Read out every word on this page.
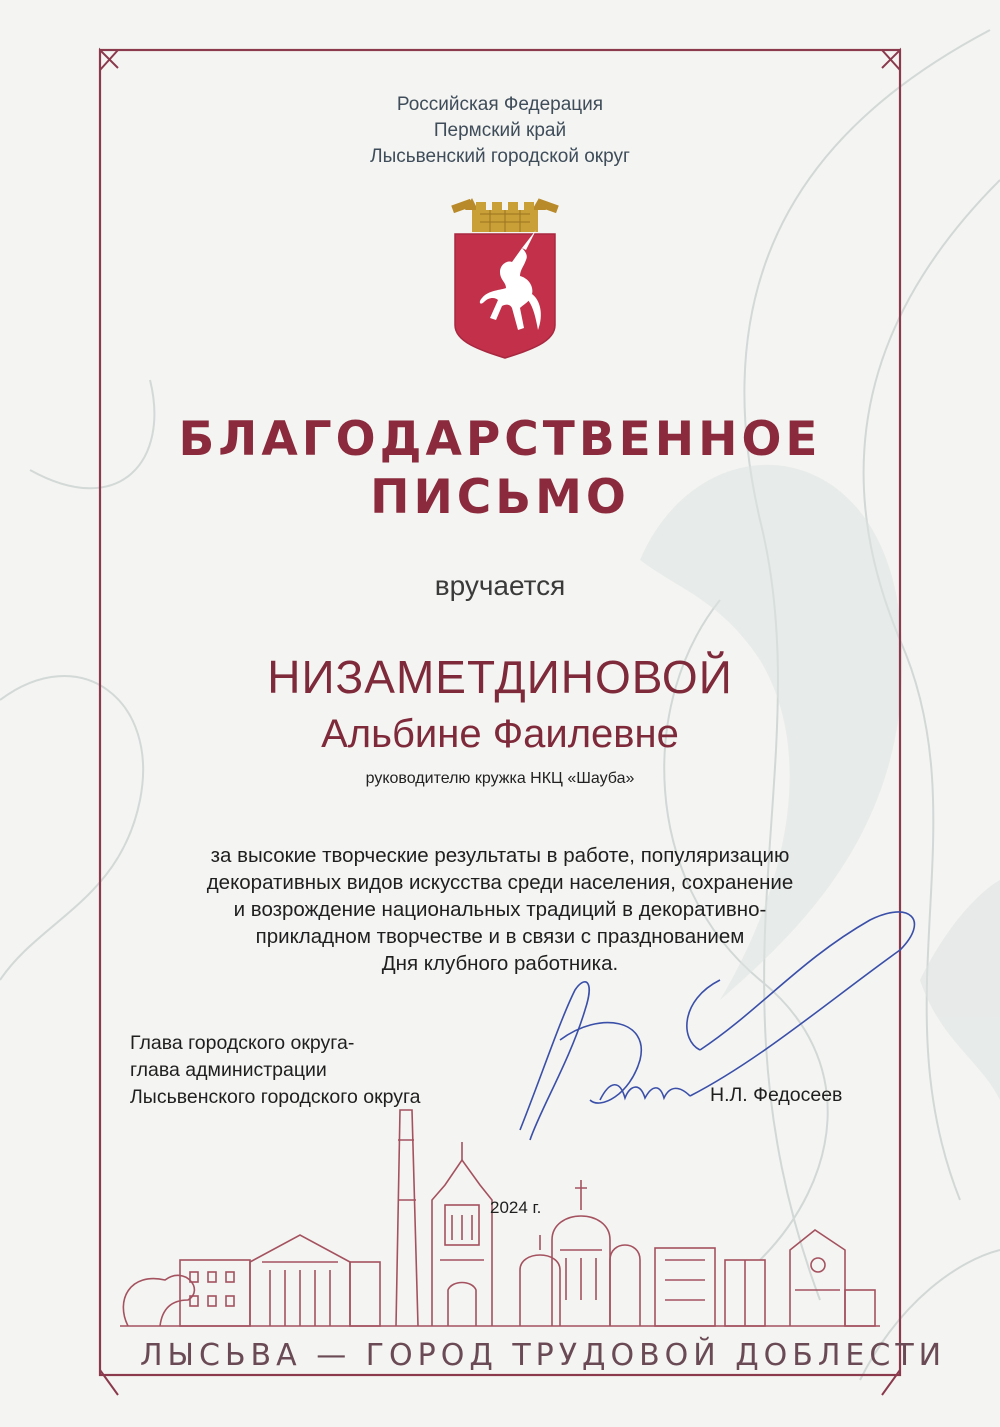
Российская Федерация
Пермский край
Лысьвенский городской округ
БЛАГОДАРСТВЕННОЕ
ПИСЬМО
вручается
НИЗАМЕТДИНОВОЙ
Альбине Фаилевне
руководителю кружка НКЦ «Шауба»
за высокие творческие результаты в работе, популяризацию
декоративных видов искусства среди населения, сохранение
и возрождение национальных традиций в декоративно-
прикладном творчестве и в связи с празднованием
Дня клубного работника.
Глава городского округа-
глава администрации
Лысьвенского городского округа	Н.Л. Федосеев
2024 г.
ЛЫСЬВА — ГОРОД ТРУДОВОЙ ДОБЛЕСТИ
